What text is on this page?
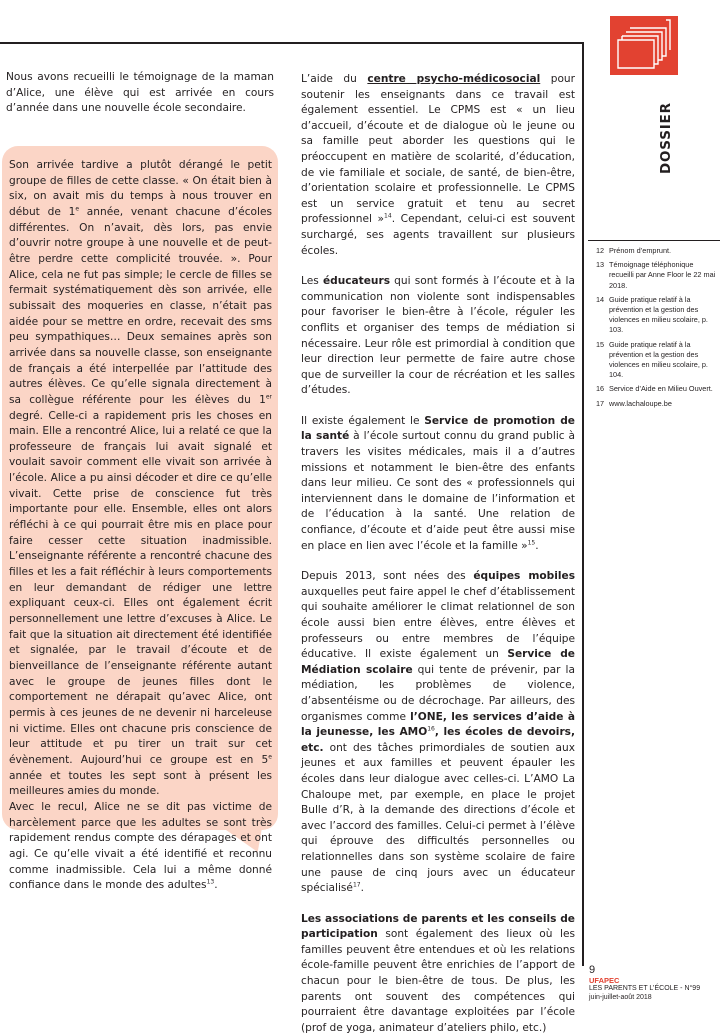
DOSSIER

Nous avons recueilli le témoignage de la maman d’Alice, une élève qui est arrivée en cours d’année dans une nouvelle école secondaire.

Son arrivée tardive a plutôt dérangé le petit groupe de filles de cette classe. « On était bien à six, on avait mis du temps à nous trouver en début de 1e année, venant chacune d’écoles différentes. On n’avait, dès lors, pas envie d’ouvrir notre groupe à une nouvelle et de peut-être perdre cette complicité trouvée. ». Pour Alice, cela ne fut pas simple; le cercle de filles se fermait systématiquement dès son arrivée, elle subissait des moqueries en classe, n’était pas aidée pour se mettre en ordre, recevait des sms peu sympathiques… Deux semaines après son arrivée dans sa nouvelle classe, son enseignante de français a été interpellée par l’attitude des autres élèves. Ce qu’elle signala directement à sa collègue référente pour les élèves du 1er degré. Celle-ci a rapidement pris les choses en main. Elle a rencontré Alice, lui a relaté ce que la professeure de français lui avait signalé et voulait savoir comment elle vivait son arrivée à l’école. Alice a pu ainsi décoder et dire ce qu’elle vivait. Cette prise de conscience fut très importante pour elle. Ensemble, elles ont alors réfléchi à ce qui pourrait être mis en place pour faire cesser cette situation inadmissible. L’enseignante référente a rencontré chacune des filles et les a fait réfléchir à leurs comportements en leur demandant de rédiger une lettre expliquant ceux-ci. Elles ont également écrit personnellement une lettre d’excuses à Alice. Le fait que la situation ait directement été identifiée et signalée, par le travail d’écoute et de bienveillance de l’enseignante référente autant avec le groupe de jeunes filles dont le comportement ne dérapait qu’avec Alice, ont permis à ces jeunes de ne devenir ni harceleuse ni victime. Elles ont chacune pris conscience de leur attitude et pu tirer un trait sur cet évènement. Aujourd’hui ce groupe est en 5e année et toutes les sept sont à présent les meilleures amies du monde.

Avec le recul, Alice ne se dit pas victime de harcèlement parce que les adultes se sont très rapidement rendus compte des dérapages et ont agi. Ce qu’elle vivait a été identifié et reconnu comme inadmissible. Cela lui a même donné confiance dans le monde des adultes$^{13}$.

L’aide du centre psycho-médicosocial pour soutenir les enseignants dans ce travail est également essentiel. Le CPMS est « un lieu d’accueil, d’écoute et de dialogue où le jeune ou sa famille peut aborder les questions qui le préoccupent en matière de scolarité, d’éducation, de vie familiale et sociale, de santé, de bien-être, d’orientation scolaire et professionnelle. Le CPMS est un service gratuit et tenu au secret professionnel »$^{14}$. Cependant, celui-ci est souvent surchargé, ses agents travaillent sur plusieurs écoles.

Les éducateurs qui sont formés à l’écoute et à la communication non violente sont indispensables pour favoriser le bien-être à l’école, réguler les conflits et organiser des temps de médiation si nécessaire. Leur rôle est primordial à condition que leur direction leur permette de faire autre chose que de surveiller la cour de récréation et les salles d’études.

Il existe également le Service de promotion de la santé à l’école surtout connu du grand public à travers les visites médicales, mais il a d’autres missions et notamment le bien-être des enfants dans leur milieu. Ce sont des « professionnels qui interviennent dans le domaine de l’information et de l’éducation à la santé. Une relation de confiance, d’écoute et d’aide peut être aussi mise en place en lien avec l’école et la famille »$^{15}$.

Depuis 2013, sont nées des équipes mobiles auxquelles peut faire appel le chef d’établissement qui souhaite améliorer le climat relationnel de son école aussi bien entre élèves, entre élèves et professeurs ou entre membres de l’équipe éducative. Il existe également un Service de Médiation scolaire qui tente de prévenir, par la médiation, les problèmes de violence, d’absentéisme ou de décrochage. Par ailleurs, des organismes comme l’ONE, les services d’aide à la jeunesse, les AMO$^{16}$, les écoles de devoirs, etc. ont des tâches primordiales de soutien aux jeunes et aux familles et peuvent épauler les écoles dans leur dialogue avec celles-ci. L’AMO La Chaloupe met, par exemple, en place le projet Bulle d’R, à la demande des directions d’école et avec l’accord des familles. Celui-ci permet à l’élève qui éprouve des difficultés personnelles ou relationnelles dans son système scolaire de faire une pause de cinq jours avec un éducateur spécialisé$^{17}$.

Les associations de parents et les conseils de participation sont également des lieux où les familles peuvent être entendues et où les relations école-famille peuvent être enrichies de l’apport de chacun pour le bien-être de tous. De plus, les parents ont souvent des compétences qui pourraient être davantage exploitées par l’école (prof de yoga, animateur d’ateliers philo, etc.)

12 Prénom d’emprunt.
13 Témoignage téléphonique recueilli par Anne Floor le 22 mai 2018.
14 Guide pratique relatif à la prévention et la gestion des violences en milieu scolaire, p. 103.
15 Guide pratique relatif à la prévention et la gestion des violences en milieu scolaire, p. 104.
16 Service d’Aide en Milieu Ouvert.
17 www.lachaloupe.be
9
UFAPEC
LES PARENTS ET L’ÉCOLE - N°99
juin-juillet-août 2018
